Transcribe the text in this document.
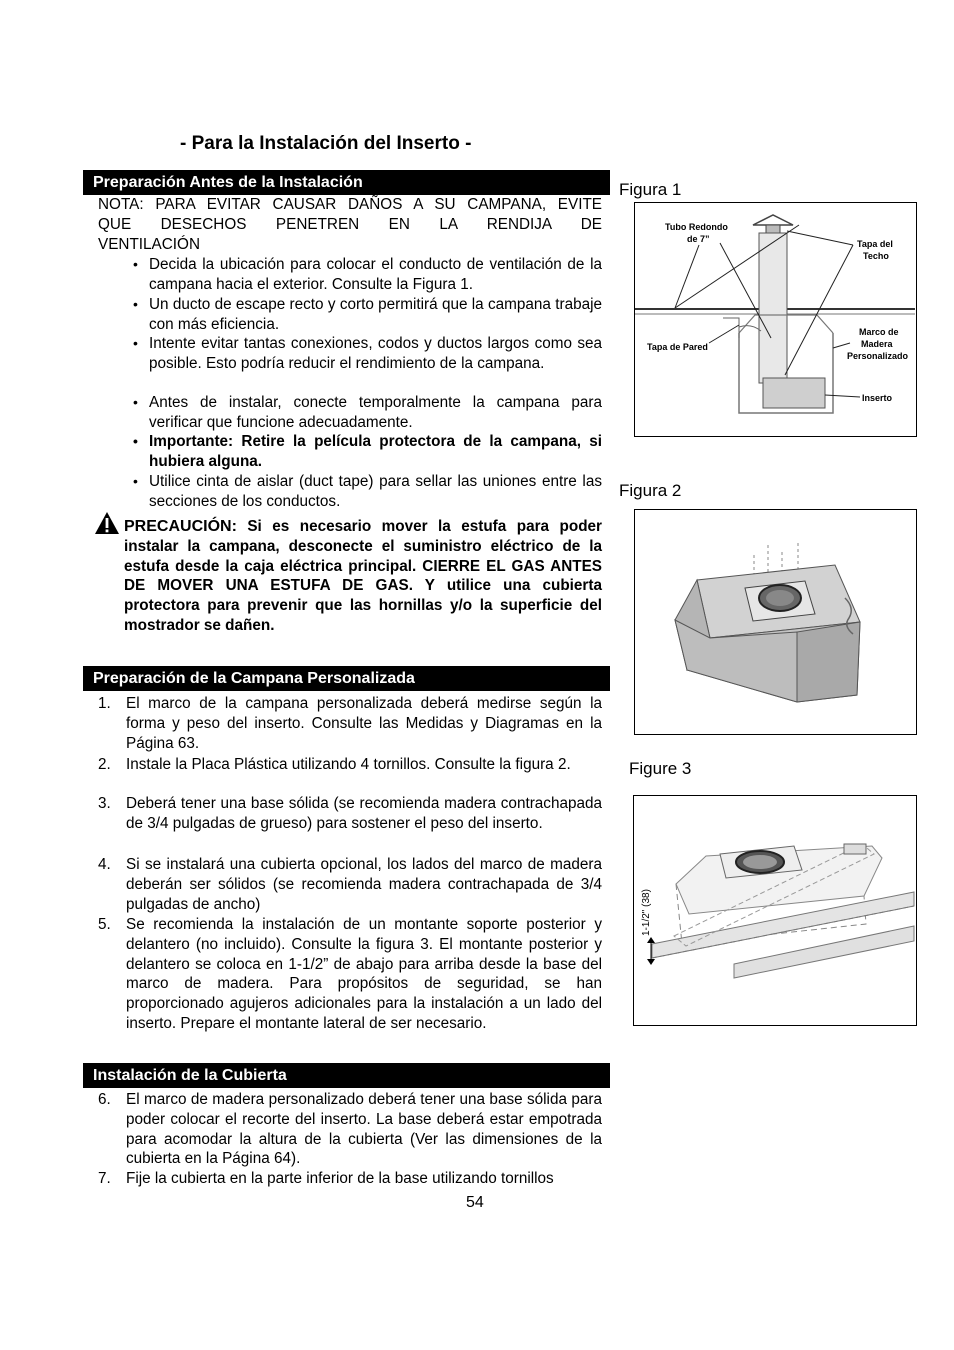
- Para la Instalación del Inserto -
Preparación Antes de la Instalación
NOTA: PARA EVITAR CAUSAR DAÑOS A SU CAMPANA, EVITE
QUE DESECHOS PENETREN EN LA RENDIJA DE
VENTILACIÓN
• Decida la ubicación para colocar el conducto de ventilación de la campana hacia el exterior. Consulte la Figura 1.
• Un ducto de escape recto y corto permitirá que la campana trabaje con más eficiencia.
• Intente evitar tantas conexiones, codos y ductos largos como sea posible. Esto podría reducir el rendimiento de la campana.
• Antes de instalar, conecte temporalmente la campana para verificar que funcione adecuadamente.
• Importante: Retire la película protectora de la campana, si hubiera alguna.
• Utilice cinta de aislar (duct tape) para sellar las uniones entre las secciones de los conductos.
PRECAUCIÓN: Si es necesario mover la estufa para poder instalar la campana, desconecte el suministro eléctrico de la estufa desde la caja eléctrica principal. CIERRE EL GAS ANTES DE MOVER UNA ESTUFA DE GAS. Y utilice una cubierta protectora para prevenir que las hornillas y/o la superficie del mostrador se dañen.
Preparación de la Campana Personalizada
1. El marco de la campana personalizada deberá medirse según la forma y peso del inserto. Consulte las Medidas y Diagramas en la Página 63.
2. Instale la Placa Plástica utilizando 4 tornillos. Consulte la figura 2.
3. Deberá tener una base sólida (se recomienda madera contrachapada de 3/4 pulgadas de grueso) para sostener el peso del inserto.
4. Si se instalará una cubierta opcional, los lados del marco de madera deberán ser sólidos (se recomienda madera contrachapada de 3/4 pulgadas de ancho)
5. Se recomienda la instalación de un montante soporte posterior y delantero (no incluido). Consulte la figura 3. El montante posterior y delantero se coloca en 1-1/2” de abajo para arriba desde la base del marco de madera. Para propósitos de seguridad, se han proporcionado agujeros adicionales para la instalación a un lado del inserto. Prepare el montante lateral de ser necesario.
Instalación de la Cubierta
6. El marco de madera personalizado deberá tener una base sólida para poder colocar el recorte del inserto. La base deberá estar empotrada para acomodar la altura de la cubierta (Ver las dimensiones de la cubierta en la Página 64).
7. Fije la cubierta en la parte inferior de la base utilizando tornillos
54
Figura 1
Tubo Redondo
de 7”	Tapa del
Techo
Tapa de Pared
Marco de
Madera
Personalizado
Inserto
Figura 2
Figure 3
1-1/2" (38)
